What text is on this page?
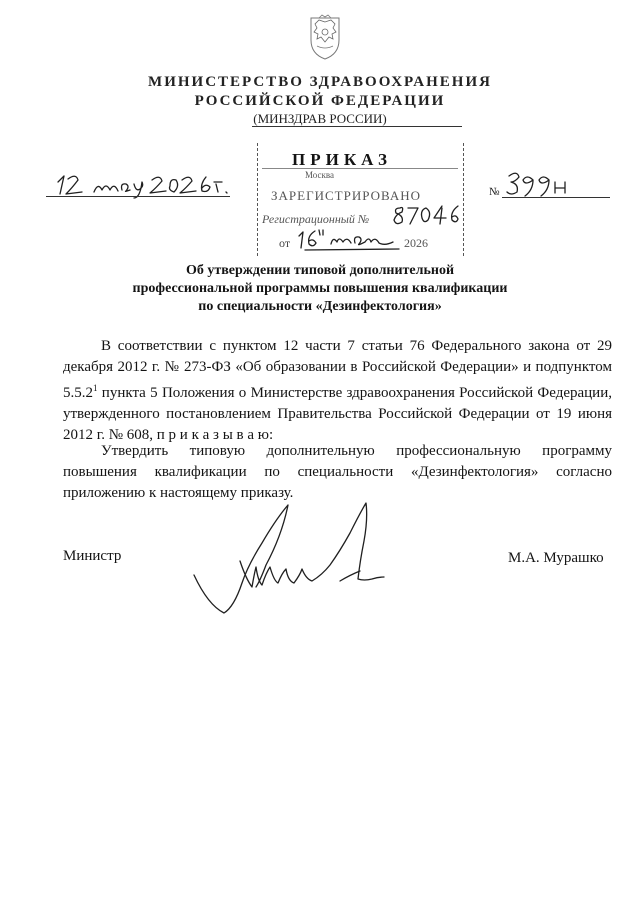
МИНИСТЕРСТВО ЗДРАВООХРАНЕНИЯ
РОССИЙСКОЙ ФЕДЕРАЦИИ
(МИНЗДРАВ РОССИИ)
ПРИКАЗ
Москва
№
ЗАРЕГИСТРИРОВАНО
Регистрационный №
от	2026
Об утверждении типовой дополнительной
профессиональной программы повышения квалификации
по специальности «Дезинфектология»
В соответствии с пунктом 12 части 7 статьи 76 Федерального закона от 29 декабря 2012 г. № 273-ФЗ «Об образовании в Российской Федерации» и подпунктом 5.5.2$^1$ пункта 5 Положения о Министерстве здравоохранения Российской Федерации, утвержденного постановлением Правительства Российской Федерации от 19 июня 2012 г. № 608, п р и к а з ы в а ю:
Утвердить типовую дополнительную профессиональную программу повышения квалификации по специальности «Дезинфектология» согласно приложению к настоящему приказу.
Министр	М.А. Мурашко
